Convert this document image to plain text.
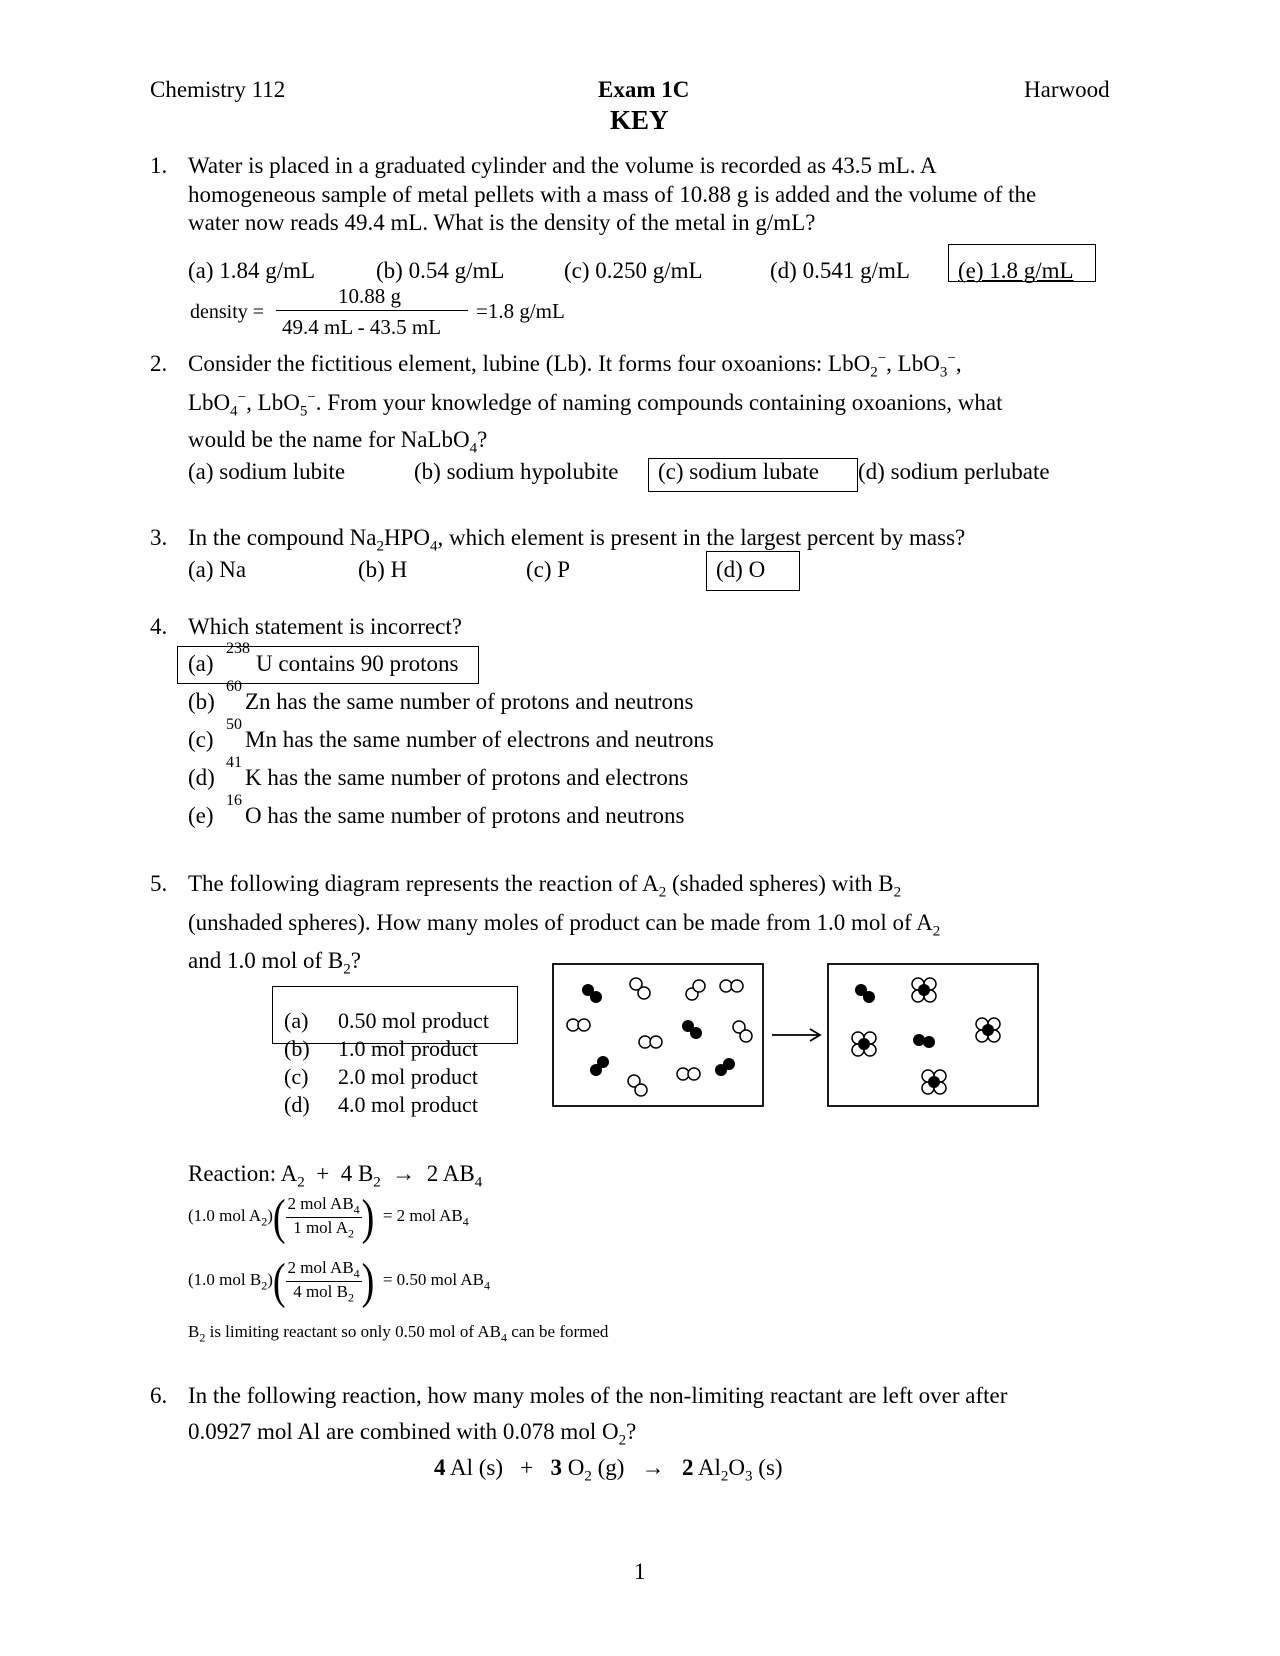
Chemistry 112	Exam 1C
KEY
Harwood
1. Water is placed in a graduated cylinder and the volume is recorded as 43.5 mL. A
homogeneous sample of metal pellets with a mass of 10.88 g is added and the volume of the
water now reads 49.4 mL. What is the density of the metal in g/mL?
(a) 1.84 g/mL	(b) 0.54 g/mL	(c) 0.250 g/mL	(d) 0.541 g/mL (e) 1.8 g/mL
density =
10.88 g
49.4 mL - 43.5 mL
=1.8 g/mL
2. Consider the fictitious element, lubine (Lb). It forms four oxoanions: LbO$_2$−, LbO$_3$−,
LbO$_4$−, LbO$_5$−. From your knowledge of naming compounds containing oxoanions, what
would be the name for NaLbO$_4$?
(a) sodium lubite	(b) sodium hypolubite (c) sodium lubate (d) sodium perlubate
3. In the compound $Na_2HPO_4$, which element is present in the largest percent by mass?
(a) Na	(b) H	(c) P	(d) O
4. Which statement is incorrect?
(a)
238
U contains 90 protons
(b)
60
Zn has the same number of protons and neutrons
(c)
50
Mn has the same number of electrons and neutrons
(d)
41
K has the same number of protons and electrons
(e)
16
O has the same number of protons and neutrons
5. The following diagram represents the reaction of $A_2$ (shaded spheres) with $B_2$
(unshaded spheres). How many moles of product can be made from 1.0 mol of $A_2$
and 1.0 mol of $B_2$?
(a) 0.50 mol product
(b) 1.0 mol product
(c) 2.0 mol product
(d) 4.0 mol product
Reaction: $A_2 + 4$ $B_2 \to 2$ $AB_4$
(1.0 mol $A_2)( \frac{2 mol AB_4}{1 mol A_2}$ ) = 2 mol $AB_4$
(1.0 mol $B_2)( \frac{2 mol AB_4}{4 mol B_2}$ ) = 0.50 mol $AB_4$
$B_2$ is limiting reactant so only 0.50 mol of $AB_4$ can be formed
6. In the following reaction, how many moles of the non-limiting reactant are left over after
0.0927 mol Al are combined with 0.078 mol $O_2$?
4 Al (s)   +   3 $O_2$ (g)   →   2 $Al_2O_3$ (s)
1
